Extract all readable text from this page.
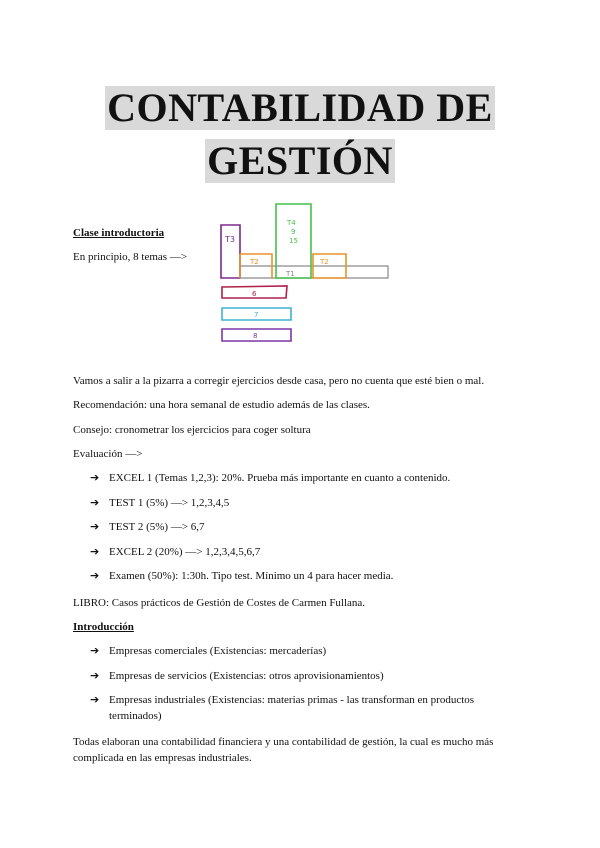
CONTABILIDAD DE
GESTIÓN
Clase introductoria
En principio, 8 temas —>
T3
T1
T2
T4
9
15
T2
6
7
8
Vamos a salir a la pizarra a corregir ejercicios desde casa, pero no cuenta que esté bien o mal.
Recomendación: una hora semanal de estudio además de las clases.
Consejo: cronometrar los ejercicios para coger soltura
Evaluación —>
➔ EXCEL 1 (Temas 1,2,3): 20%. Prueba más importante en cuanto a contenido.
➔ TEST 1 (5%) —> 1,2,3,4,5
➔ TEST 2 (5%) —> 6,7
➔ EXCEL 2 (20%) —> 1,2,3,4,5,6,7
➔ Examen (50%): 1:30h. Tipo test. Mínimo un 4 para hacer media.
LIBRO: Casos prácticos de Gestión de Costes de Carmen Fullana.
Introducción
➔ Empresas comerciales (Existencias: mercaderías)
➔ Empresas de servicios (Existencias: otros aprovisionamientos)
➔ Empresas industriales (Existencias: materias primas - las transforman en productos terminados)
Todas elaboran una contabilidad financiera y una contabilidad de gestión, la cual es mucho más complicada en las empresas industriales.
